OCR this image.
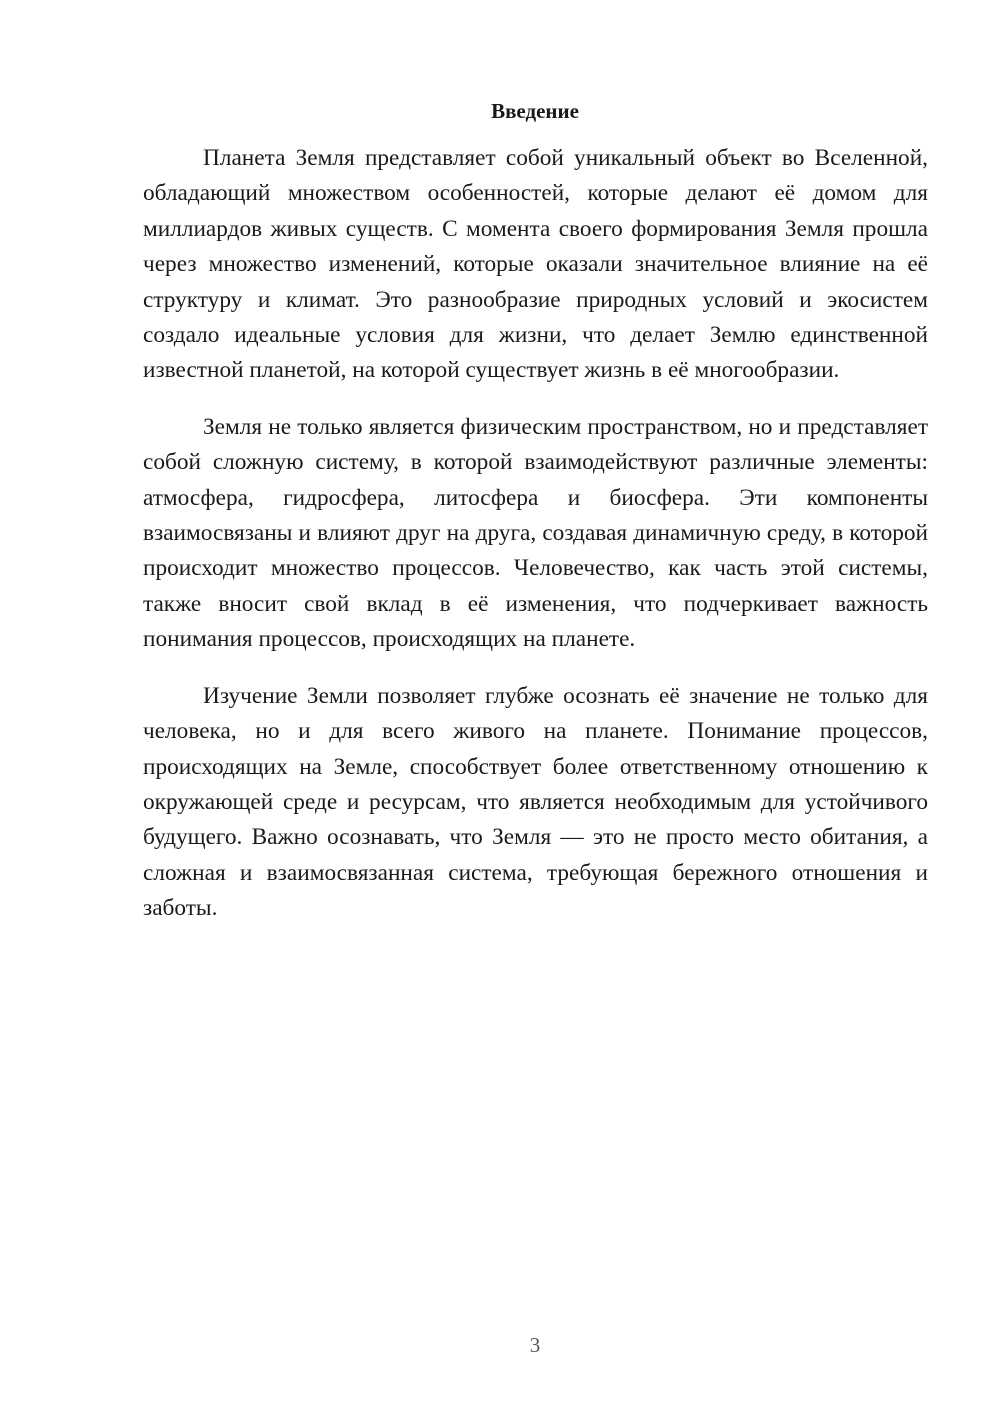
Введение

Планета Земля представляет собой уникальный объект во Вселенной, обладающий множеством особенностей, которые делают её домом для миллиардов живых существ. С момента своего формирования Земля прошла через множество изменений, которые оказали значительное влияние на её структуру и климат. Это разнообразие природных условий и экосистем создало идеальные условия для жизни, что делает Землю единственной известной планетой, на которой существует жизнь в её многообразии.

Земля не только является физическим пространством, но и представляет собой сложную систему, в которой взаимодействуют различные элементы: атмосфера, гидросфера, литосфера и биосфера. Эти компоненты взаимосвязаны и влияют друг на друга, создавая динамичную среду, в которой происходит множество процессов. Человечество, как часть этой системы, также вносит свой вклад в её изменения, что подчеркивает важность понимания процессов, происходящих на планете.

Изучение Земли позволяет глубже осознать её значение не только для человека, но и для всего живого на планете. Понимание процессов, происходящих на Земле, способствует более ответственному отношению к окружающей среде и ресурсам, что является необходимым для устойчивого будущего. Важно осознавать, что Земля — это не просто место обитания, а сложная и взаимосвязанная система, требующая бережного отношения и заботы.

3
